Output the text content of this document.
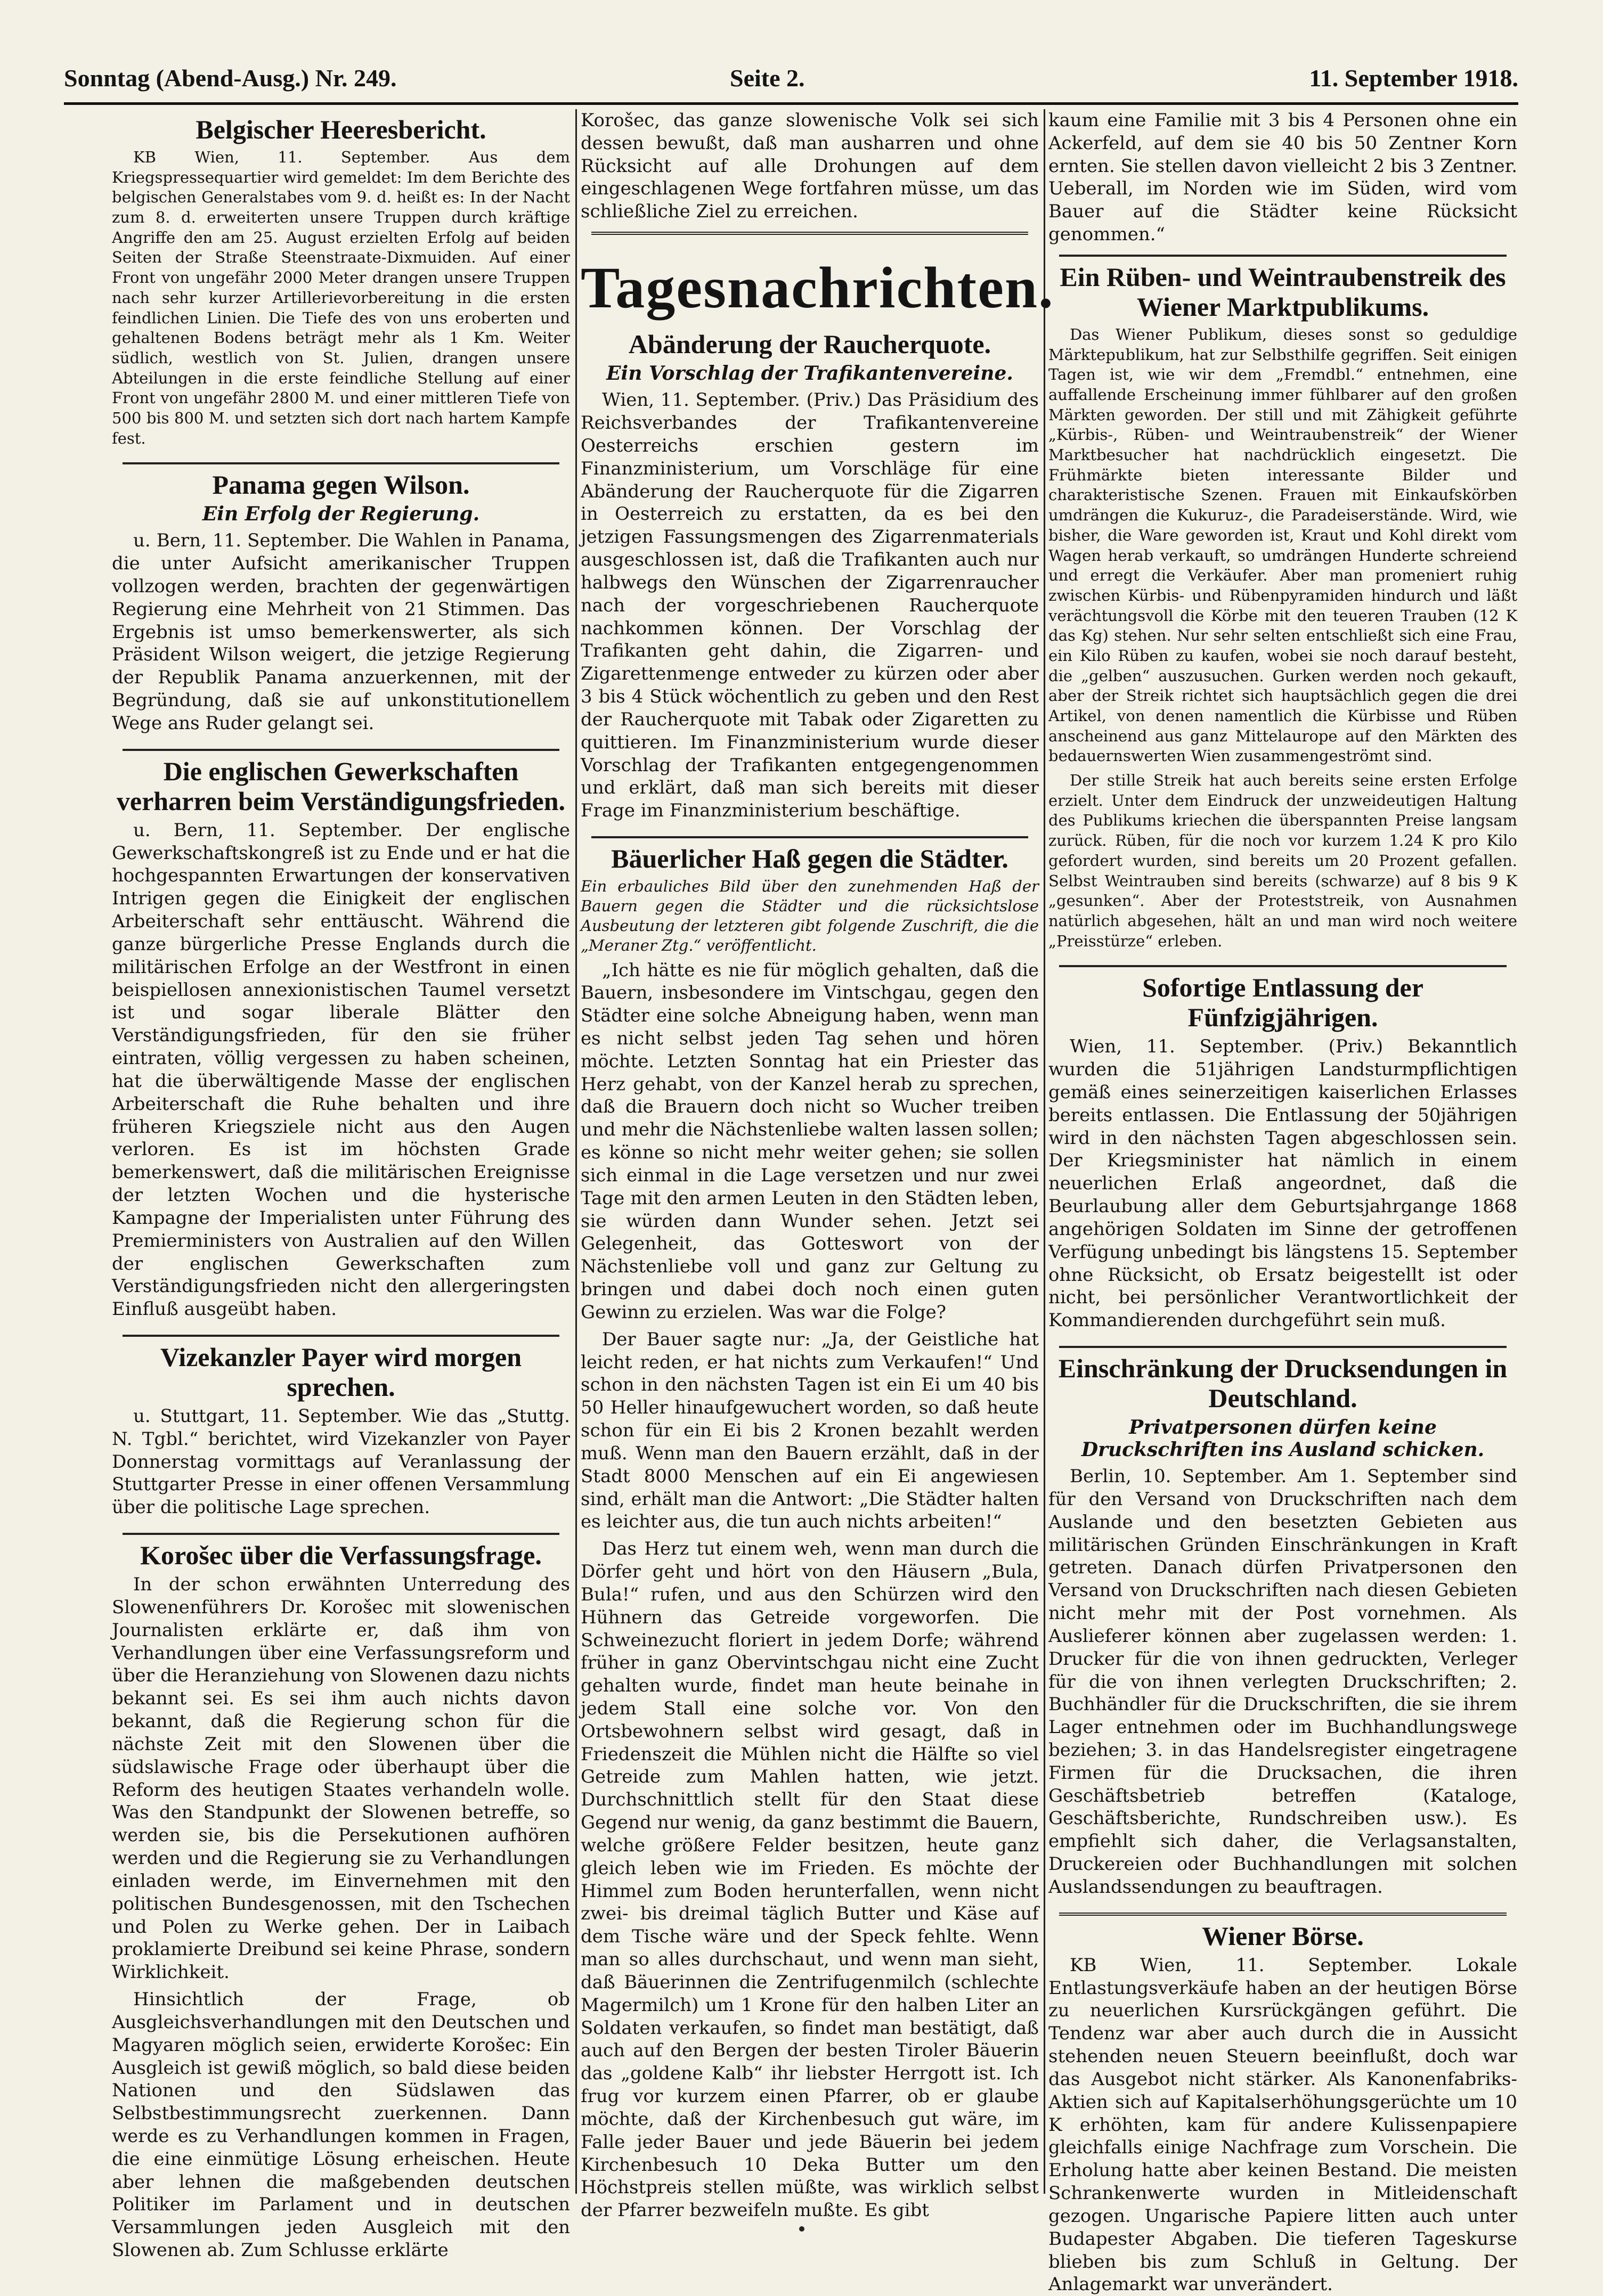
Sonntag (Abend-Ausg.) Nr. 249.	Seite 2.	11. September 1918.
Belgischer Heeresbericht.

KB Wien, 11. September. Aus dem Kriegspressequartier wird gemeldet: Im dem Berichte des belgischen Generalstabes vom 9. d. heißt es: In der Nacht zum 8. d. erweiterten unsere Truppen durch kräftige Angriffe den am 25. August erzielten Erfolg auf beiden Seiten der Straße Steenstraate-Dixmuiden. Auf einer Front von ungefähr 2000 Meter drangen unsere Truppen nach sehr kurzer Artillerievorbereitung in die ersten feindlichen Linien. Die Tiefe des von uns eroberten und gehaltenen Bodens beträgt mehr als 1 Km. Weiter südlich, westlich von St. Julien, drangen unsere Abteilungen in die erste feindliche Stellung auf einer Front von ungefähr 2800 M. und einer mittleren Tiefe von 500 bis 800 M. und setzten sich dort nach hartem Kampfe fest.

Panama gegen Wilson.
Ein Erfolg der Regierung.

u. Bern, 11. September. Die Wahlen in Panama, die unter Aufsicht amerikanischer Truppen vollzogen werden, brachten der gegenwärtigen Regierung eine Mehrheit von 21 Stimmen. Das Ergebnis ist umso bemerkenswerter, als sich Präsident Wilson weigert, die jetzige Regierung der Republik Panama anzuerkennen, mit der Begründung, daß sie auf unkonstitutionellem Wege ans Ruder gelangt sei.

Die englischen Gewerkschaften verharren beim Verständigungsfrieden.

u. Bern, 11. September. Der englische Gewerkschaftskongreß ist zu Ende und er hat die hochgespannten Erwartungen der konservativen Intrigen gegen die Einigkeit der englischen Arbeiterschaft sehr enttäuscht. Während die ganze bürgerliche Presse Englands durch die militärischen Erfolge an der Westfront in einen beispiellosen annexionistischen Taumel versetzt ist und sogar liberale Blätter den Verständigungsfrieden, für den sie früher eintraten, völlig vergessen zu haben scheinen, hat die überwältigende Masse der englischen Arbeiterschaft die Ruhe behalten und ihre früheren Kriegsziele nicht aus den Augen verloren. Es ist im höchsten Grade bemerkenswert, daß die militärischen Ereignisse der letzten Wochen und die hysterische Kampagne der Imperialisten unter Führung des Premierministers von Australien auf den Willen der englischen Gewerkschaften zum Verständigungsfrieden nicht den allergeringsten Einfluß ausgeübt haben.

Vizekanzler Payer wird morgen sprechen.

u. Stuttgart, 11. September. Wie das „Stuttg. N. Tgbl.“ berichtet, wird Vizekanzler von Payer Donnerstag vormittags auf Veranlassung der Stuttgarter Presse in einer offenen Versammlung über die politische Lage sprechen.

Korošec über die Verfassungsfrage.

In der schon erwähnten Unterredung des Slowenenführers Dr. Korošec mit slowenischen Journalisten erklärte er, daß ihm von Verhandlungen über eine Verfassungsreform und über die Heranziehung von Slowenen dazu nichts bekannt sei. Es sei ihm auch nichts davon bekannt, daß die Regierung schon für die nächste Zeit mit den Slowenen über die südslawische Frage oder überhaupt über die Reform des heutigen Staates verhandeln wolle. Was den Standpunkt der Slowenen betreffe, so werden sie, bis die Persekutionen aufhören werden und die Regierung sie zu Verhandlungen einladen werde, im Einvernehmen mit den politischen Bundesgenossen, mit den Tschechen und Polen zu Werke gehen. Der in Laibach proklamierte Dreibund sei keine Phrase, sondern Wirklichkeit.

Hinsichtlich der Frage, ob Ausgleichsverhandlungen mit den Deutschen und Magyaren möglich seien, erwiderte Korošec: Ein Ausgleich ist gewiß möglich, so bald diese beiden Nationen und den Südslawen das Selbstbestimmungsrecht zuerkennen. Dann werde es zu Verhandlungen kommen in Fragen, die eine einmütige Lösung erheischen. Heute aber lehnen die maßgebenden deutschen Politiker im Parlament und in deutschen Versammlungen jeden Ausgleich mit den Slowenen ab. Zum Schlusse erklärte

Korošec, das ganze slowenische Volk sei sich dessen bewußt, daß man ausharren und ohne Rücksicht auf alle Drohungen auf dem eingeschlagenen Wege fortfahren müsse, um das schließliche Ziel zu erreichen.

Tagesnachrichten.
Abänderung der Raucherquote.
Ein Vorschlag der Trafikantenvereine.

Wien, 11. September. (Priv.) Das Präsidium des Reichsverbandes der Trafikantenvereine Oesterreichs erschien gestern im Finanzministerium, um Vorschläge für eine Abänderung der Raucherquote für die Zigarren in Oesterreich zu erstatten, da es bei den jetzigen Fassungsmengen des Zigarrenmaterials ausgeschlossen ist, daß die Trafikanten auch nur halbwegs den Wünschen der Zigarrenraucher nach der vorgeschriebenen Raucherquote nachkommen können. Der Vorschlag der Trafikanten geht dahin, die Zigarren- und Zigarettenmenge entweder zu kürzen oder aber 3 bis 4 Stück wöchentlich zu geben und den Rest der Raucherquote mit Tabak oder Zigaretten zu quittieren. Im Finanzministerium wurde dieser Vorschlag der Trafikanten entgegengenommen und erklärt, daß man sich bereits mit dieser Frage im Finanzministerium beschäftige.

Bäuerlicher Haß gegen die Städter.

Ein erbauliches Bild über den zunehmenden Haß der Bauern gegen die Städter und die rücksichtslose Ausbeutung der letzteren gibt folgende Zuschrift, die die „Meraner Ztg.“ veröffentlicht.

„Ich hätte es nie für möglich gehalten, daß die Bauern, insbesondere im Vintschgau, gegen den Städter eine solche Abneigung haben, wenn man es nicht selbst jeden Tag sehen und hören möchte. Letzten Sonntag hat ein Priester das Herz gehabt, von der Kanzel herab zu sprechen, daß die Brauern doch nicht so Wucher treiben und mehr die Nächstenliebe walten lassen sollen; es könne so nicht mehr weiter gehen; sie sollen sich einmal in die Lage versetzen und nur zwei Tage mit den armen Leuten in den Städten leben, sie würden dann Wunder sehen. Jetzt sei Gelegenheit, das Gotteswort von der Nächstenliebe voll und ganz zur Geltung zu bringen und dabei doch noch einen guten Gewinn zu erzielen. Was war die Folge?

Der Bauer sagte nur: „Ja, der Geistliche hat leicht reden, er hat nichts zum Verkaufen!“ Und schon in den nächsten Tagen ist ein Ei um 40 bis 50 Heller hinaufgewuchert worden, so daß heute schon für ein Ei bis 2 Kronen bezahlt werden muß. Wenn man den Bauern erzählt, daß in der Stadt 8000 Menschen auf ein Ei angewiesen sind, erhält man die Antwort: „Die Städter halten es leichter aus, die tun auch nichts arbeiten!“

Das Herz tut einem weh, wenn man durch die Dörfer geht und hört von den Häusern „Bula, Bula!“ rufen, und aus den Schürzen wird den Hühnern das Getreide vorgeworfen. Die Schweinezucht floriert in jedem Dorfe; während früher in ganz Obervintschgau nicht eine Zucht gehalten wurde, findet man heute beinahe in jedem Stall eine solche vor. Von den Ortsbewohnern selbst wird gesagt, daß in Friedenszeit die Mühlen nicht die Hälfte so viel Getreide zum Mahlen hatten, wie jetzt. Durchschnittlich stellt für den Staat diese Gegend nur wenig, da ganz bestimmt die Bauern, welche größere Felder besitzen, heute ganz gleich leben wie im Frieden. Es möchte der Himmel zum Boden herunterfallen, wenn nicht zwei- bis dreimal täglich Butter und Käse auf dem Tische wäre und der Speck fehlte. Wenn man so alles durchschaut, und wenn man sieht, daß Bäuerinnen die Zentrifugenmilch (schlechte Magermilch) um 1 Krone für den halben Liter an Soldaten verkaufen, so findet man bestätigt, daß auch auf den Bergen der besten Tiroler Bäuerin das „goldene Kalb“ ihr liebster Herrgott ist. Ich frug vor kurzem einen Pfarrer, ob er glaube möchte, daß der Kirchenbesuch gut wäre, im Falle jeder Bauer und jede Bäuerin bei jedem Kirchenbesuch 10 Deka Butter um den Höchstpreis stellen müßte, was wirklich selbst der Pfarrer bezweifeln mußte. Es gibt

kaum eine Familie mit 3 bis 4 Personen ohne ein Ackerfeld, auf dem sie 40 bis 50 Zentner Korn ernten. Sie stellen davon vielleicht 2 bis 3 Zentner. Ueberall, im Norden wie im Süden, wird vom Bauer auf die Städter keine Rücksicht genommen.“

Ein Rüben- und Weintraubenstreik des Wiener Marktpublikums.

Das Wiener Publikum, dieses sonst so geduldige Märktepublikum, hat zur Selbsthilfe gegriffen. Seit einigen Tagen ist, wie wir dem „Fremdbl.“ entnehmen, eine auffallende Erscheinung immer fühlbarer auf den großen Märkten geworden. Der still und mit Zähigkeit geführte „Kürbis-, Rüben- und Weintraubenstreik“ der Wiener Marktbesucher hat nachdrücklich eingesetzt. Die Frühmärkte bieten interessante Bilder und charakteristische Szenen. Frauen mit Einkaufskörben umdrängen die Kukuruz-, die Paradeiserstände. Wird, wie bisher, die Ware geworden ist, Kraut und Kohl direkt vom Wagen herab verkauft, so umdrängen Hunderte schreiend und erregt die Verkäufer. Aber man promeniert ruhig zwischen Kürbis- und Rübenpyramiden hindurch und läßt verächtungsvoll die Körbe mit den teueren Trauben (12 K das Kg) stehen. Nur sehr selten entschließt sich eine Frau, ein Kilo Rüben zu kaufen, wobei sie noch darauf besteht, die „gelben“ auszusuchen. Gurken werden noch gekauft, aber der Streik richtet sich hauptsächlich gegen die drei Artikel, von denen namentlich die Kürbisse und Rüben anscheinend aus ganz Mittelaurope auf den Märkten des bedauernswerten Wien zusammengeströmt sind.

Der stille Streik hat auch bereits seine ersten Erfolge erzielt. Unter dem Eindruck der unzweideutigen Haltung des Publikums kriechen die überspannten Preise langsam zurück. Rüben, für die noch vor kurzem 1.24 K pro Kilo gefordert wurden, sind bereits um 20 Prozent gefallen. Selbst Weintrauben sind bereits (schwarze) auf 8 bis 9 K „gesunken“. Aber der Proteststreik, von Ausnahmen natürlich abgesehen, hält an und man wird noch weitere „Preisstürze“ erleben.

Sofortige Entlassung der Fünfzigjährigen.

Wien, 11. September. (Priv.) Bekanntlich wurden die 51jährigen Landsturmpflichtigen gemäß eines seinerzeitigen kaiserlichen Erlasses bereits entlassen. Die Entlassung der 50jährigen wird in den nächsten Tagen abgeschlossen sein. Der Kriegsminister hat nämlich in einem neuerlichen Erlaß angeordnet, daß die Beurlaubung aller dem Geburtsjahrgange 1868 angehörigen Soldaten im Sinne der getroffenen Verfügung unbedingt bis längstens 15. September ohne Rücksicht, ob Ersatz beigestellt ist oder nicht, bei persönlicher Verantwortlichkeit der Kommandierenden durchgeführt sein muß.

Einschränkung der Drucksendungen in Deutschland.
Privatpersonen dürfen keine Druckschriften ins Ausland schicken.

Berlin, 10. September. Am 1. September sind für den Versand von Druckschriften nach dem Auslande und den besetzten Gebieten aus militärischen Gründen Einschränkungen in Kraft getreten. Danach dürfen Privatpersonen den Versand von Druckschriften nach diesen Gebieten nicht mehr mit der Post vornehmen. Als Auslieferer können aber zugelassen werden: 1. Drucker für die von ihnen gedruckten, Verleger für die von ihnen verlegten Druckschriften; 2. Buchhändler für die Druckschriften, die sie ihrem Lager entnehmen oder im Buchhandlungswege beziehen; 3. in das Handelsregister eingetragene Firmen für die Drucksachen, die ihren Geschäftsbetrieb betreffen (Kataloge, Geschäftsberichte, Rundschreiben usw.). Es empfiehlt sich daher, die Verlagsanstalten, Druckereien oder Buchhandlungen mit solchen Auslandssendungen zu beauftragen.

Wiener Börse.

KB Wien, 11. September. Lokale Entlastungsverkäufe haben an der heutigen Börse zu neuerlichen Kursrückgängen geführt. Die Tendenz war aber auch durch die in Aussicht stehenden neuen Steuern beeinflußt, doch war das Ausgebot nicht stärker. Als Kanonenfabriks-Aktien sich auf Kapitalserhöhungsgerüchte um 10 K erhöhten, kam für andere Kulissenpapiere gleichfalls einige Nachfrage zum Vorschein. Die Erholung hatte aber keinen Bestand. Die meisten Schrankenwerte wurden in Mitleidenschaft gezogen. Ungarische Papiere litten auch unter Budapester Abgaben. Die tieferen Tageskurse blieben bis zum Schluß in Geltung. Der Anlagemarkt war unverändert.
